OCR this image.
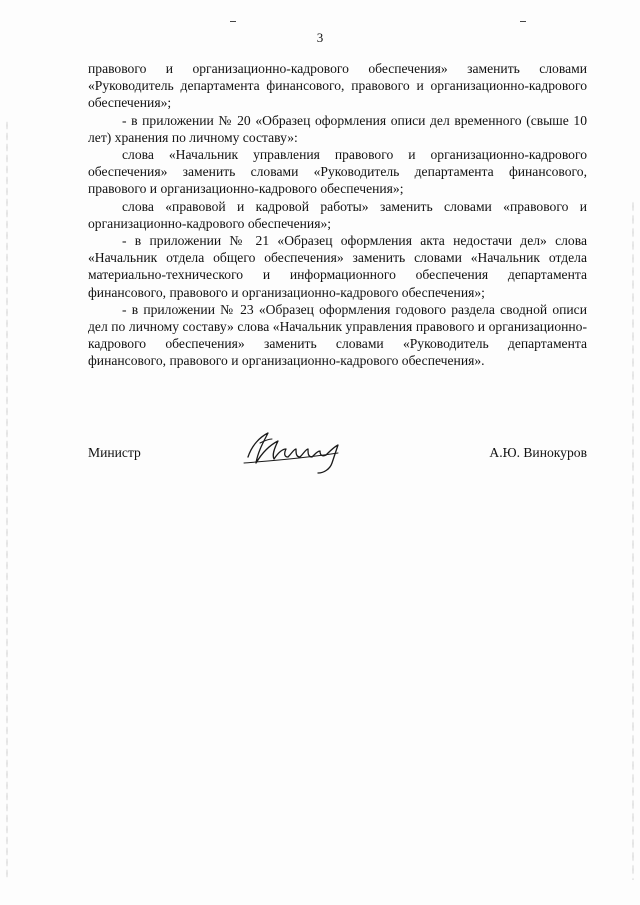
3

правового и организационно-кадрового обеспечения» заменить словами «Руководитель департамента финансового, правового и организационно-кадрового обеспечения»;

- в приложении № 20 «Образец оформления описи дел временного (свыше 10 лет) хранения по личному составу»:

слова «Начальник управления правового и организационно-кадрового обеспечения» заменить словами «Руководитель департамента финансового, правового и организационно-кадрового обеспечения»;

слова «правовой и кадровой работы» заменить словами «правового и организационно-кадрового обеспечения»;

- в приложении № 21 «Образец оформления акта недостачи дел» слова «Начальник отдела общего обеспечения» заменить словами «Начальник отдела материально-технического и информационного обеспечения департамента финансового, правового и организационно-кадрового обеспечения»;

- в приложении № 23 «Образец оформления годового раздела сводной описи дел по личному составу» слова «Начальник управления правового и организационно-кадрового обеспечения» заменить словами «Руководитель департамента финансового, правового и организационно-кадрового обеспечения».

Министр	А.Ю. Винокуров
